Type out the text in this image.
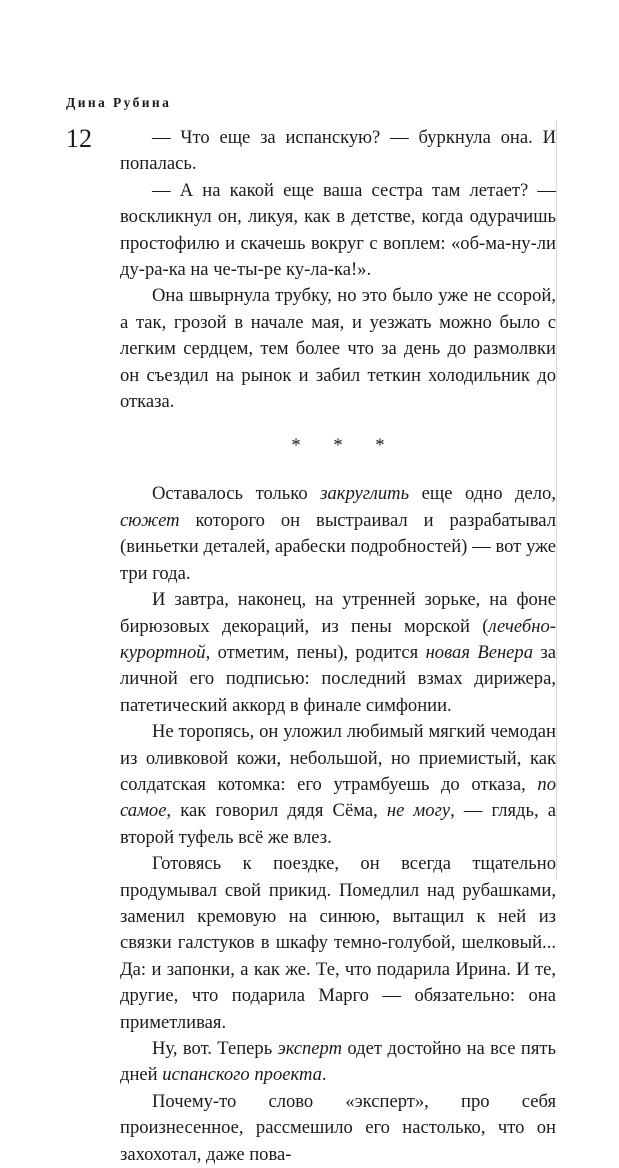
Дина Рубина
12	— Что еще за испанскую? — буркнула она. И попалась.

— А на какой еще ваша сестра там летает? — воскликнул он, ликуя, как в детстве, когда одурачишь простофилю и скачешь вокруг с воплем: «об-ма-ну-ли ду-ра-ка на че-ты-ре ку-ла-ка!».

Она швырнула трубку, но это было уже не ссорой, а так, грозой в начале мая, и уезжать можно было с легким сердцем, тем более что за день до размолвки он съездил на рынок и забил теткин холодильник до отказа.

* * *

Оставалось только закруглить еще одно дело, сюжет которого он выстраивал и разрабатывал (виньетки деталей, арабески подробностей) — вот уже три года.

И завтра, наконец, на утренней зорьке, на фоне бирюзовых декораций, из пены морской (лечебно-курортной, отметим, пены), родится новая Венера за личной его подписью: последний взмах дирижера, патетический аккорд в финале симфонии.

Не торопясь, он уложил любимый мягкий чемодан из оливковой кожи, небольшой, но приемистый, как солдатская котомка: его утрамбуешь до отказа, по самое, как говорил дядя Сёма, не могу, — глядь, а второй туфель всё же влез.

Готовясь к поездке, он всегда тщательно продумывал свой прикид. Помедлил над рубашками, заменил кремовую на синюю, вытащил к ней из связки галстуков в шкафу темно-голубой, шелковый... Да: и запонки, а как же. Те, что подарила Ирина. И те, другие, что подарила Марго — обязательно: она приметливая.

Ну, вот. Теперь эксперт одет достойно на все пять дней испанского проекта.

Почему-то слово «эксперт», про себя произнесенное, рассмешило его настолько, что он захохотал, даже пова-
